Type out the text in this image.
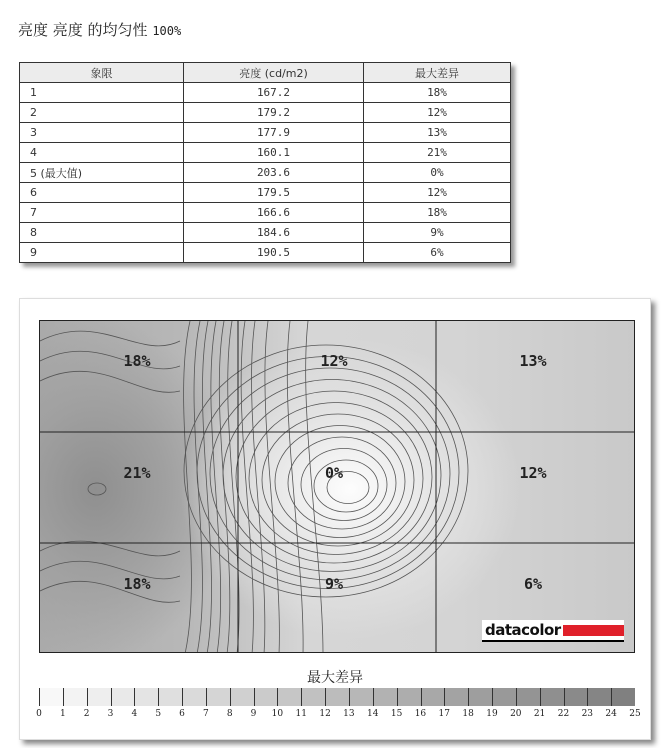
亮度 亮度 的均匀性 100%
象限	亮度 (cd/m2)	最大差异
1	167.2	18%
2	179.2	12%
3	177.9	13%
4	160.1	21%
5 (最大值)	203.6	0%
6	179.5	12%
7	166.6	18%
8	184.6	9%
9	190.5	6%
18%	12%	13%
21%	0%	12%
18%	9%	6%
datacolor
最大差异
0 1 2 3 4 5 6 7 8 9 10 11 12 13 14 15 16 17 18 19 20 21 22 23 24 25
